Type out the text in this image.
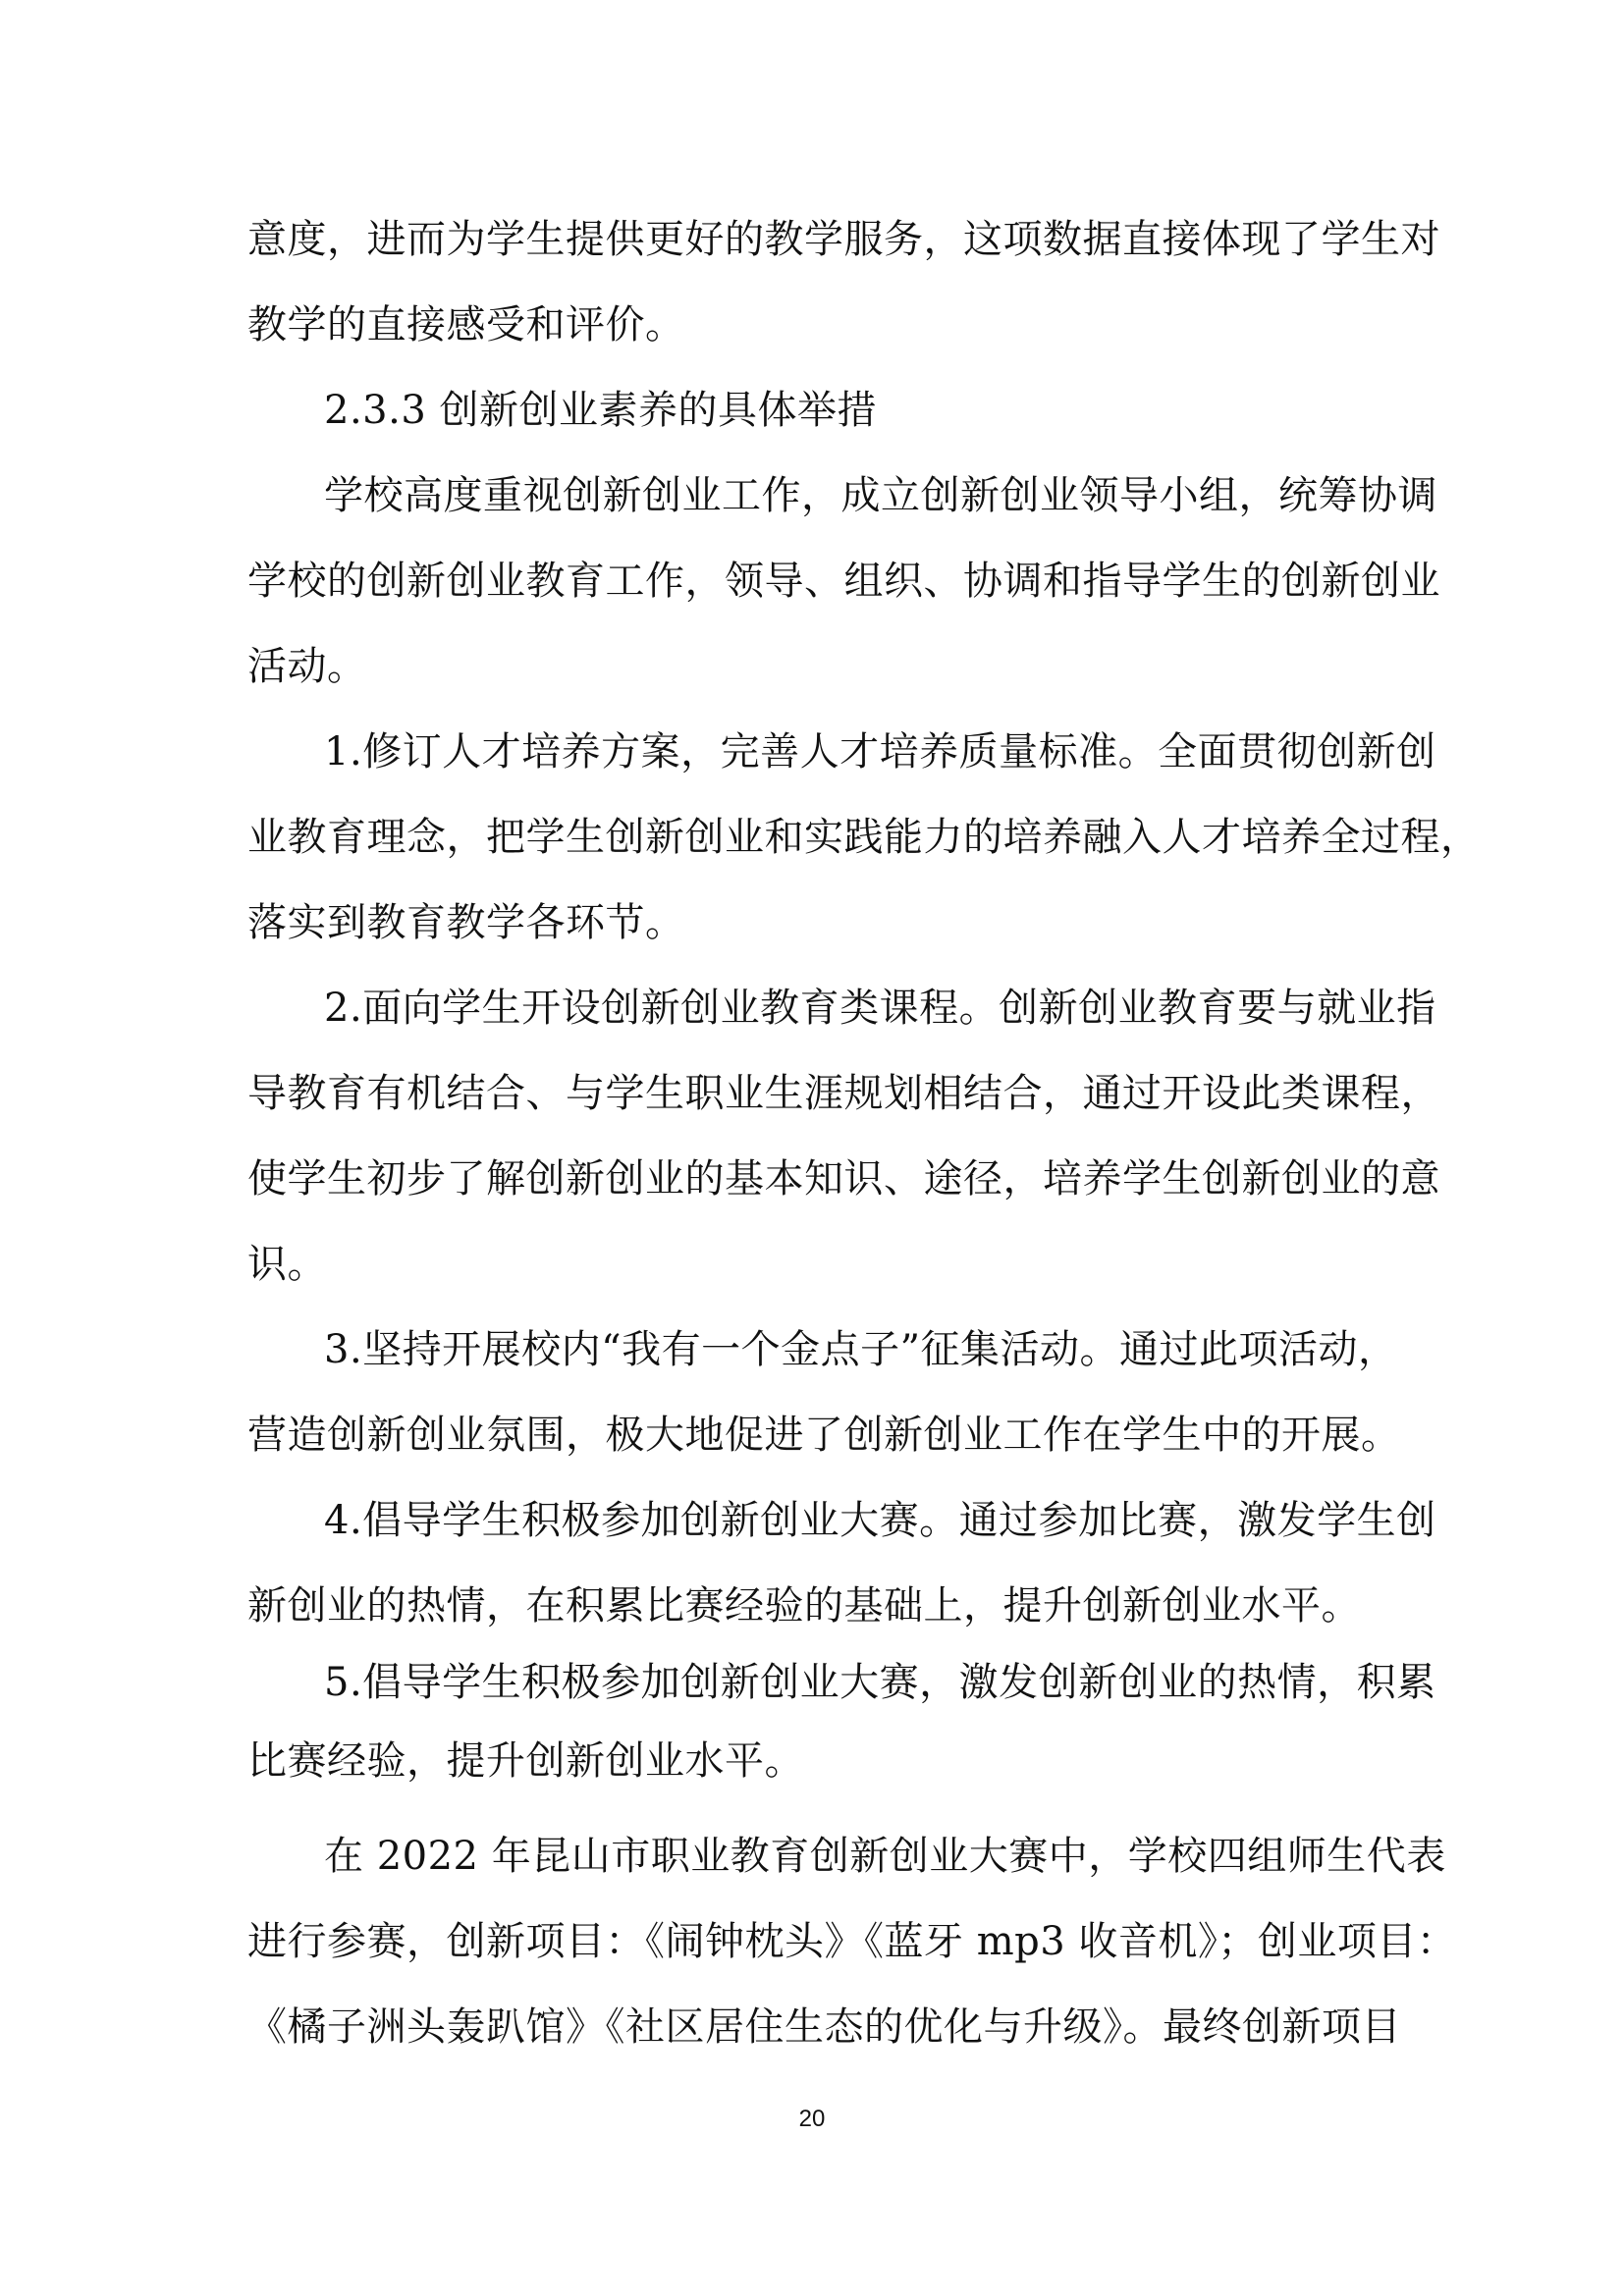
意度，进而为学生提供更好的教学服务，这项数据直接体现了学生对
教学的直接感受和评价。
2.3.3 创新创业素养的具体举措
学校高度重视创新创业工作，成立创新创业领导小组，统筹协调
学校的创新创业教育工作，领导、组织、协调和指导学生的创新创业
活动。
1.修订人才培养方案，完善人才培养质量标准。全面贯彻创新创
业教育理念，把学生创新创业和实践能力的培养融入人才培养全过程，
落实到教育教学各环节。
2.面向学生开设创新创业教育类课程。创新创业教育要与就业指
导教育有机结合、与学生职业生涯规划相结合，通过开设此类课程，
使学生初步了解创新创业的基本知识、途径，培养学生创新创业的意
识。
3.坚持开展校内“我有一个金点子”征集活动。通过此项活动，
营造创新创业氛围，极大地促进了创新创业工作在学生中的开展。
4.倡导学生积极参加创新创业大赛。通过参加比赛，激发学生创
新创业的热情，在积累比赛经验的基础上，提升创新创业水平。
5.倡导学生积极参加创新创业大赛，激发创新创业的热情，积累
比赛经验，提升创新创业水平。
在 2022 年昆山市职业教育创新创业大赛中，学校四组师生代表
进行参赛，创新项目：《闹钟枕头》《蓝牙 mp3 收音机》；创业项目：
《橘子洲头轰趴馆》《社区居住生态的优化与升级》。最终创新项目
20
